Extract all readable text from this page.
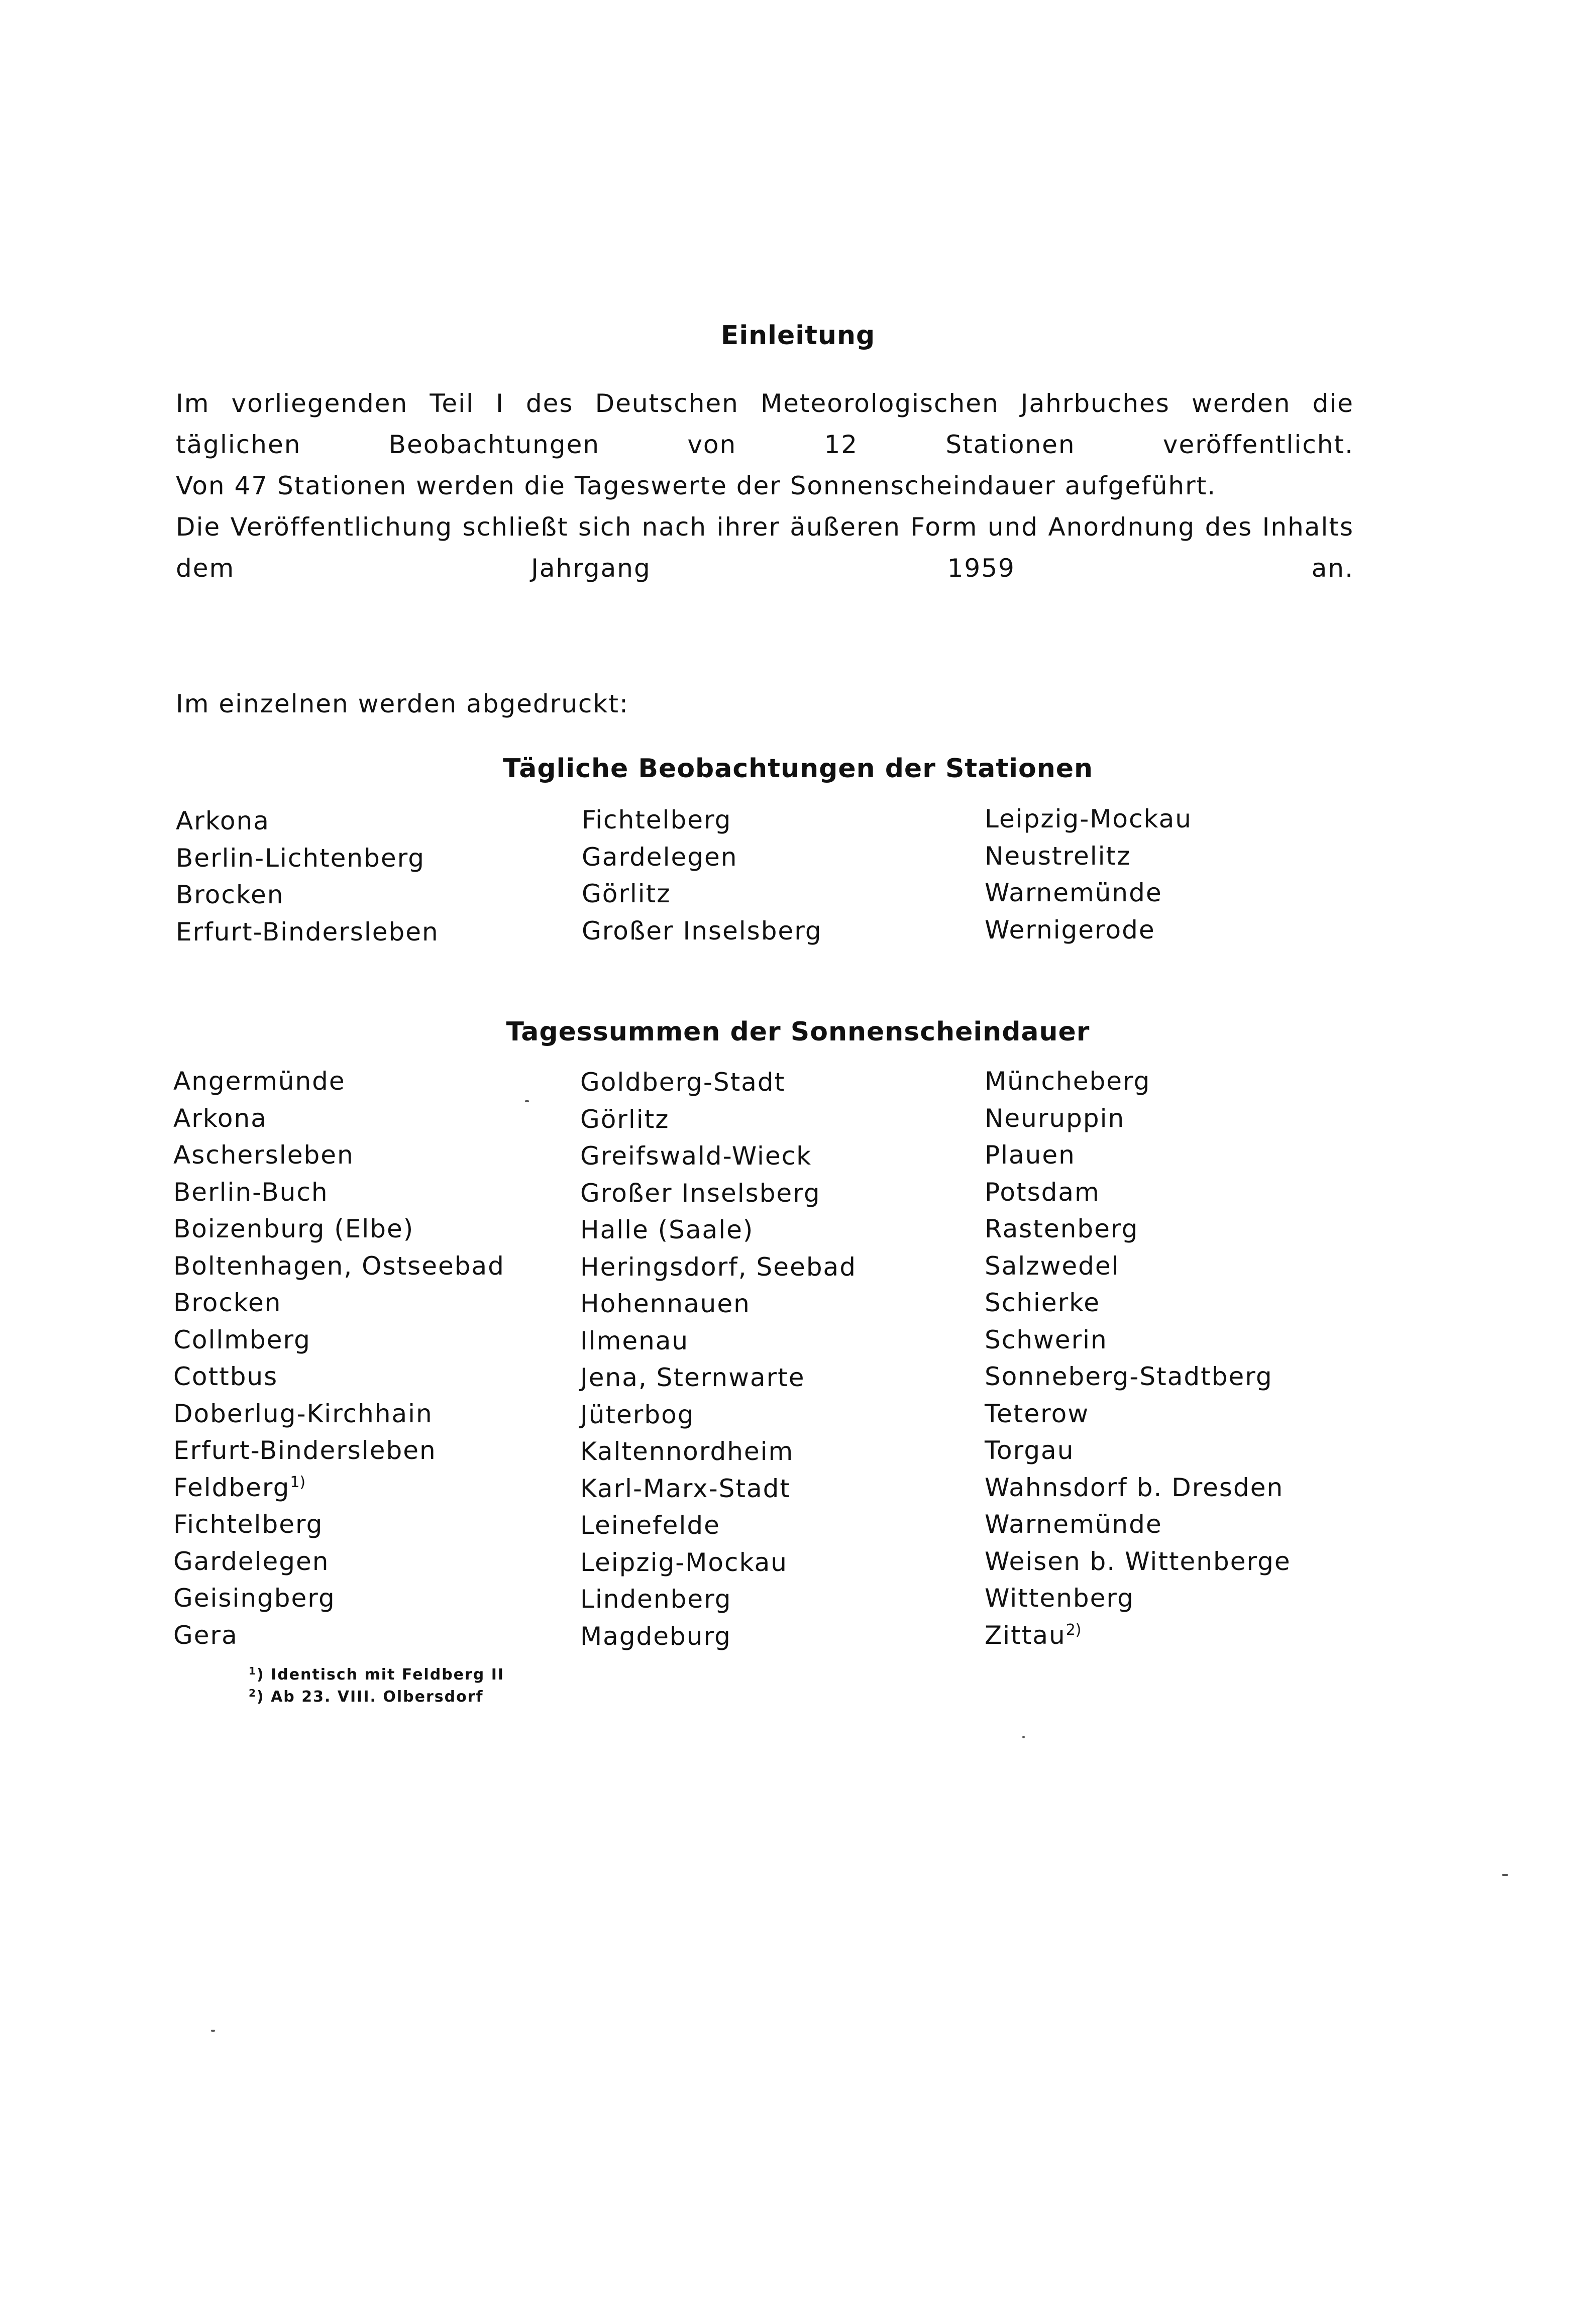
Einleitung

Im vorliegenden Teil I des Deutschen Meteorologischen Jahrbuches werden die täglichen Beobachtungen von 12 Stationen veröffentlicht.

Von 47 Stationen werden die Tageswerte der Sonnenscheindauer aufgeführt.

Die Veröffentlichung schließt sich nach ihrer äußeren Form und Anordnung des Inhalts dem Jahrgang 1959 an.

Im einzelnen werden abgedruckt:
Tägliche Beobachtungen der Stationen
Arkona
Berlin-Lichtenberg
Brocken
Erfurt-Bindersleben
Fichtelberg
Gardelegen
Görlitz
Großer Inselsberg
Leipzig-Mockau
Neustrelitz
Warnemünde
Wernigerode
Tagessummen der Sonnenscheindauer
Angermünde
Arkona
Aschersleben
Berlin-Buch
Boizenburg (Elbe)
Boltenhagen, Ostseebad
Brocken
Collmberg
Cottbus
Doberlug-Kirchhain
Erfurt-Bindersleben
Feldberg$^{1)}$
Fichtelberg
Gardelegen
Geisingberg
Gera
Goldberg-Stadt
Görlitz
Greifswald-Wieck
Großer Inselsberg
Halle (Saale)
Heringsdorf, Seebad
Hohennauen
Ilmenau
Jena, Sternwarte
Jüterbog
Kaltennordheim
Karl-Marx-Stadt
Leinefelde
Leipzig-Mockau
Lindenberg
Magdeburg
Müncheberg
Neuruppin
Plauen
Potsdam
Rastenberg
Salzwedel
Schierke
Schwerin
Sonneberg-Stadtberg
Teterow
Torgau
Wahnsdorf b. Dresden
Warnemünde
Weisen b. Wittenberge
Wittenberg
Zittau$^{2)}$
$^1$) Identisch mit Feldberg II
$^2$) Ab 23. VIII. Olbersdorf
